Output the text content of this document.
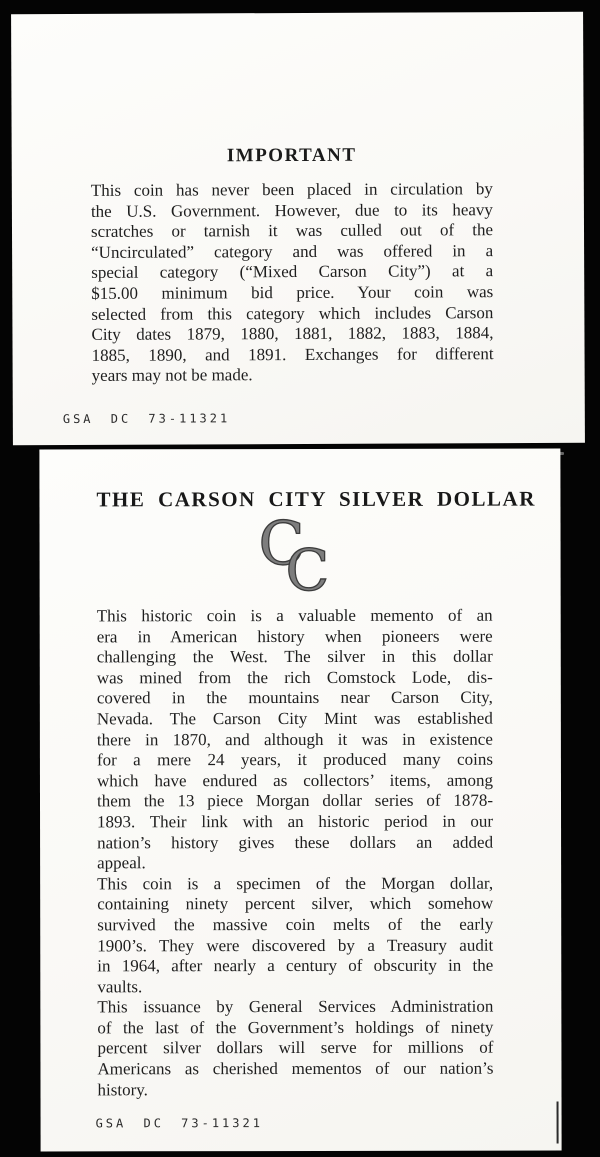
IMPORTANT
This coin has never been placed in circulation by
the U.S. Government. However, due to its heavy
scratches or tarnish it was culled out of the
“Uncirculated” category and was offered in a
special category (“Mixed Carson City”) at a
$15.00 minimum bid price. Your coin was
selected from this category which includes Carson
City dates 1879, 1880, 1881, 1882, 1883, 1884,
1885, 1890, and 1891. Exchanges for different
years may not be made.
GSA DC 73-11321
THE CARSON CITY SILVER DOLLAR
C
C
This historic coin is a valuable memento of an
era in American history when pioneers were
challenging the West. The silver in this dollar
was mined from the rich Comstock Lode, dis-
covered in the mountains near Carson City,
Nevada. The Carson City Mint was established
there in 1870, and although it was in existence
for a mere 24 years, it produced many coins
which have endured as collectors’ items, among
them the 13 piece Morgan dollar series of 1878-
1893. Their link with an historic period in our
nation’s history gives these dollars an added
appeal.
This coin is a specimen of the Morgan dollar,
containing ninety percent silver, which somehow
survived the massive coin melts of the early
1900’s. They were discovered by a Treasury audit
in 1964, after nearly a century of obscurity in the
vaults.
This issuance by General Services Administration
of the last of the Government’s holdings of ninety
percent silver dollars will serve for millions of
Americans as cherished mementos of our nation’s
history.
GSA DC 73-11321
